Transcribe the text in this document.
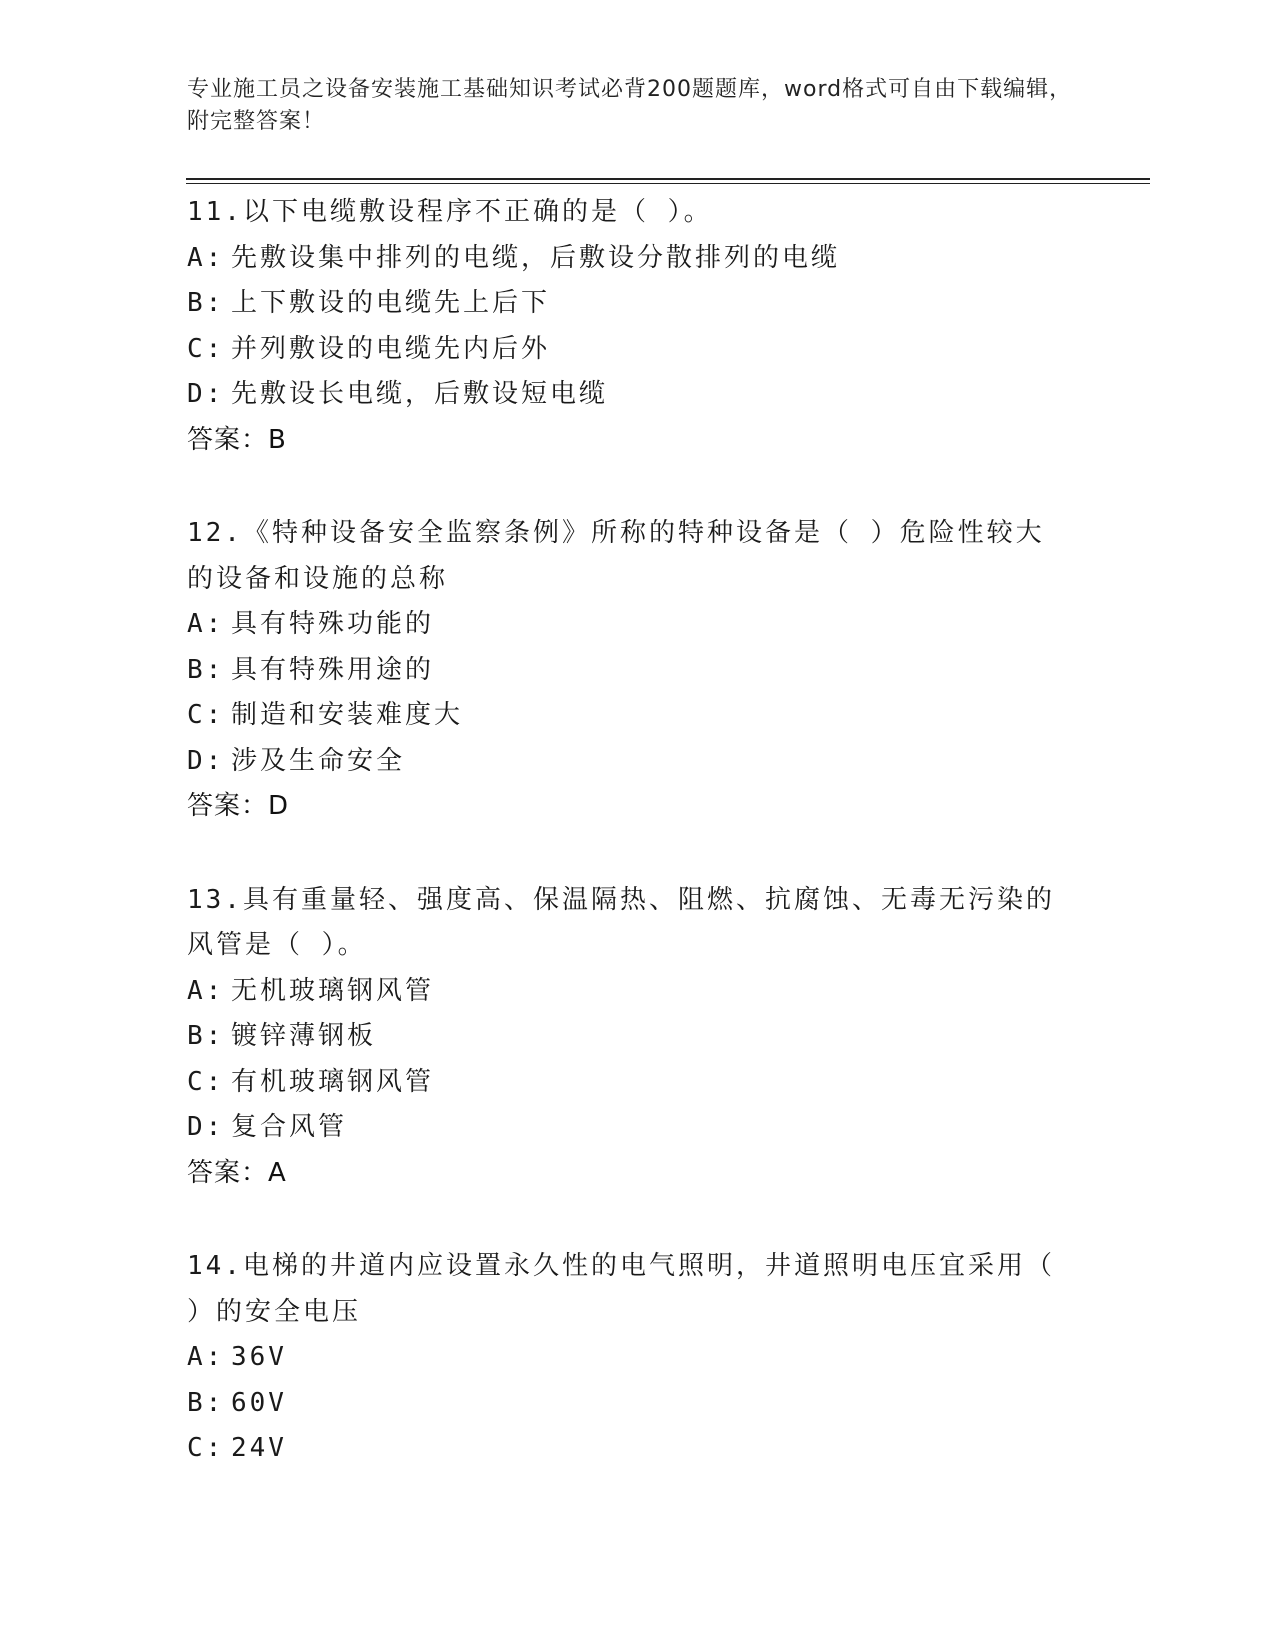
专业施工员之设备安装施工基础知识考试必背200题题库，word格式可自由下载编辑，附完整答案！
11.以下电缆敷设程序不正确的是（ ）。
A: 先敷设集中排列的电缆，后敷设分散排列的电缆
B: 上下敷设的电缆先上后下
C: 并列敷设的电缆先内后外
D: 先敷设长电缆，后敷设短电缆
答案：B
12.《特种设备安全监察条例》所称的特种设备是（ ）危险性较大的设备和设施的总称
A: 具有特殊功能的
B: 具有特殊用途的
C: 制造和安装难度大
D: 涉及生命安全
答案：D
13.具有重量轻、强度高、保温隔热、阻燃、抗腐蚀、无毒无污染的风管是（ ）。
A: 无机玻璃钢风管
B: 镀锌薄钢板
C: 有机玻璃钢风管
D: 复合风管
答案：A
14.电梯的井道内应设置永久性的电气照明，井道照明电压宜采用（ ）的安全电压
A: 36V
B: 60V
C: 24V
